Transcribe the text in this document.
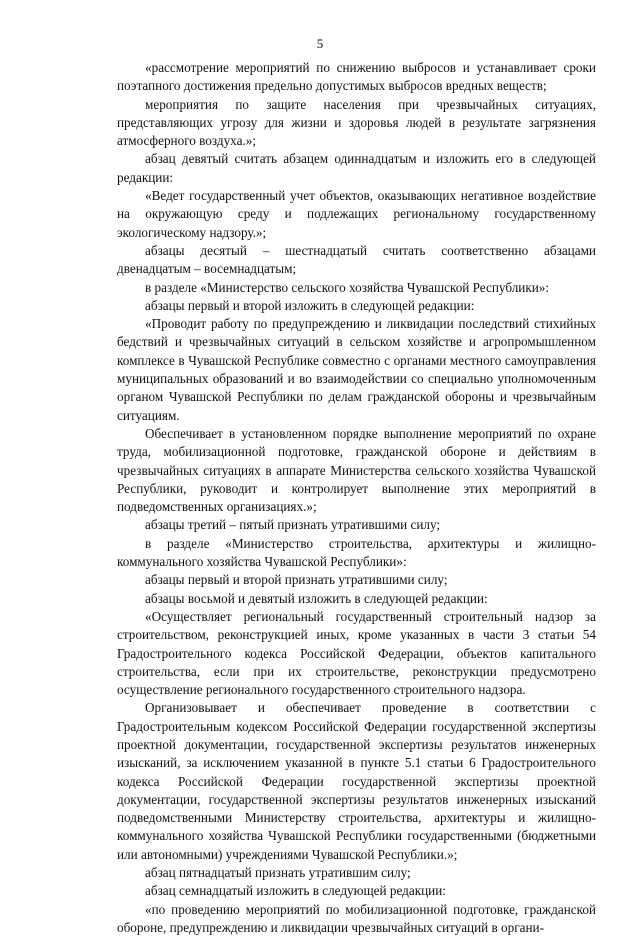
5

«рассмотрение мероприятий по снижению выбросов и устанавливает сроки поэтапного достижения предельно допустимых выбросов вредных веществ;

мероприятия по защите населения при чрезвычайных ситуациях, представляющих угрозу для жизни и здоровья людей в результате загрязнения атмосферного воздуха.»;

абзац девятый считать абзацем одиннадцатым и изложить его в следующей редакции:

«Ведет государственный учет объектов, оказывающих негативное воздействие на окружающую среду и подлежащих региональному государственному экологическому надзору.»;

абзацы десятый – шестнадцатый считать соответственно абзацами двенадцатым – восемнадцатым;

в разделе «Министерство сельского хозяйства Чувашской Республики»:

абзацы первый и второй изложить в следующей редакции:

«Проводит работу по предупреждению и ликвидации последствий стихийных бедствий и чрезвычайных ситуаций в сельском хозяйстве и агропромышленном комплексе в Чувашской Республике совместно с органами местного самоуправления муниципальных образований и во взаимодействии со специально уполномоченным органом Чувашской Республики по делам гражданской обороны и чрезвычайным ситуациям.

Обеспечивает в установленном порядке выполнение мероприятий по охране труда, мобилизационной подготовке, гражданской обороне и действиям в чрезвычайных ситуациях в аппарате Министерства сельского хозяйства Чувашской Республики, руководит и контролирует выполнение этих мероприятий в подведомственных организациях.»;

абзацы третий – пятый признать утратившими силу;

в разделе «Министерство строительства, архитектуры и жилищно-коммунального хозяйства Чувашской Республики»:

абзацы первый и второй признать утратившими силу;

абзацы восьмой и девятый изложить в следующей редакции:

«Осуществляет региональный государственный строительный надзор за строительством, реконструкцией иных, кроме указанных в части 3 статьи 54 Градостроительного кодекса Российской Федерации, объектов капитального строительства, если при их строительстве, реконструкции предусмотрено осуществление регионального государственного строительного надзора.

Организовывает и обеспечивает проведение в соответствии с Градостроительным кодексом Российской Федерации государственной экспертизы проектной документации, государственной экспертизы результатов инженерных изысканий, за исключением указанной в пункте 5.1 статьи 6 Градостроительного кодекса Российской Федерации государственной экспертизы проектной документации, государственной экспертизы результатов инженерных изысканий подведомственными Министерству строительства, архитектуры и жилищно-коммунального хозяйства Чувашской Республики государственными (бюджетными или автономными) учреждениями Чувашской Республики.»;

абзац пятнадцатый признать утратившим силу;

абзац семнадцатый изложить в следующей редакции:

«по проведению мероприятий по мобилизационной подготовке, гражданской обороне, предупреждению и ликвидации чрезвычайных ситуаций в органи-
